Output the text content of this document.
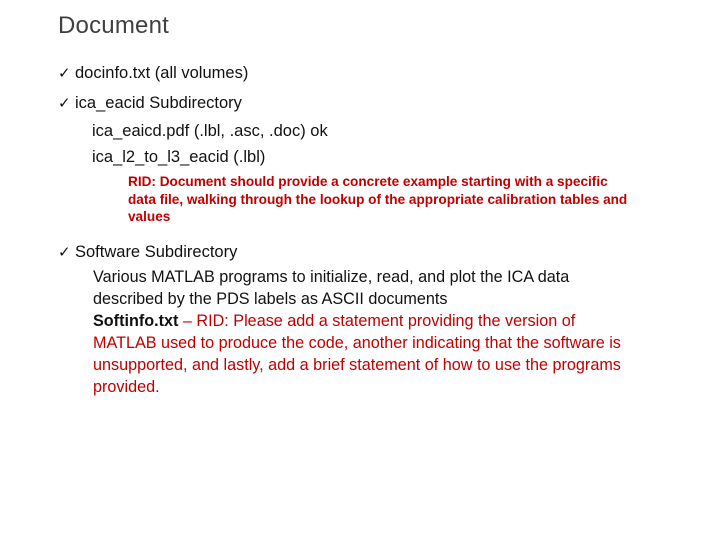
Document
✓ docinfo.txt (all volumes)
✓ ica_eacid Subdirectory
ica_eaicd.pdf (.lbl, .asc, .doc) ok
ica_l2_to_l3_eacid (.lbl)
RID: Document should provide a concrete example starting with a specific
data file, walking through the lookup of the appropriate calibration tables and
values
✓ Software Subdirectory
Various MATLAB programs to initialize, read, and plot the ICA data
described by the PDS labels as ASCII documents
Softinfo.txt – RID: Please add a statement providing the version of
MATLAB used to produce the code, another indicating that the software is
unsupported, and lastly, add a brief statement of how to use the programs
provided.
